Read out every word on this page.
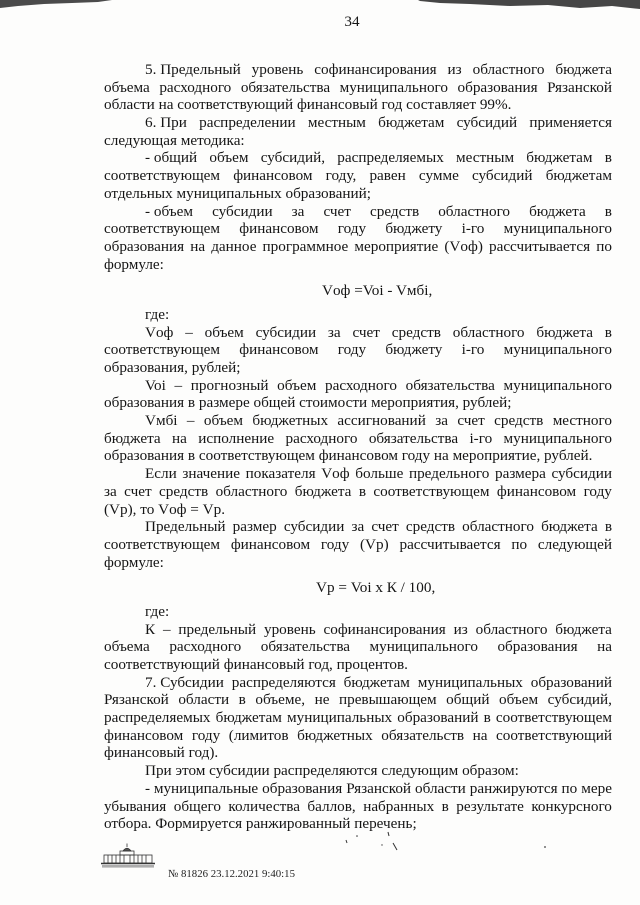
34
5. Предельный уровень софинансирования из областного бюджета
объема расходного обязательства муниципального образования Рязанской
области на соответствующий финансовый год составляет 99%.
6. При распределении местным бюджетам субсидий применяется
следующая методика:
- общий объем субсидий, распределяемых местным бюджетам в
соответствующем финансовом году, равен сумме субсидий бюджетам
отдельных муниципальных образований;
- объем субсидии за счет средств областного бюджета в
соответствующем финансовом году бюджету i-го муниципального
образования на данное программное мероприятие (Vоф) рассчитывается по
формуле:
Vоф =Voi - Vмбi,
где:
Vоф – объем субсидии за счет средств областного бюджета в
соответствующем финансовом году бюджету i-го муниципального
образования, рублей;
Voi – прогнозный объем расходного обязательства муниципального
образования в размере общей стоимости мероприятия, рублей;
Vмбi – объем бюджетных ассигнований за счет средств местного
бюджета на исполнение расходного обязательства i-го муниципального
образования в соответствующем финансовом году на мероприятие, рублей.
Если значение показателя Vоф больше предельного размера субсидии
за счет средств областного бюджета в соответствующем финансовом году
(Vр), то Vоф = Vр.
Предельный размер субсидии за счет средств областного бюджета в
соответствующем финансовом году (Vр) рассчитывается по следующей
формуле:
Vр = Voi x К / 100,
где:
К – предельный уровень софинансирования из областного бюджета
объема расходного обязательства муниципального образования на
соответствующий финансовый год, процентов.
7. Субсидии распределяются бюджетам муниципальных образований
Рязанской области в объеме, не превышающем общий объем субсидий,
распределяемых бюджетам муниципальных образований в соответствующем
финансовом году (лимитов бюджетных обязательств на соответствующий
финансовый год).
При этом субсидии распределяются следующим образом:
- муниципальные образования Рязанской области ранжируются по мере
убывания общего количества баллов, набранных в результате конкурсного
отбора. Формируется ранжированный перечень;
№ 81826 23.12.2021 9:40:15
